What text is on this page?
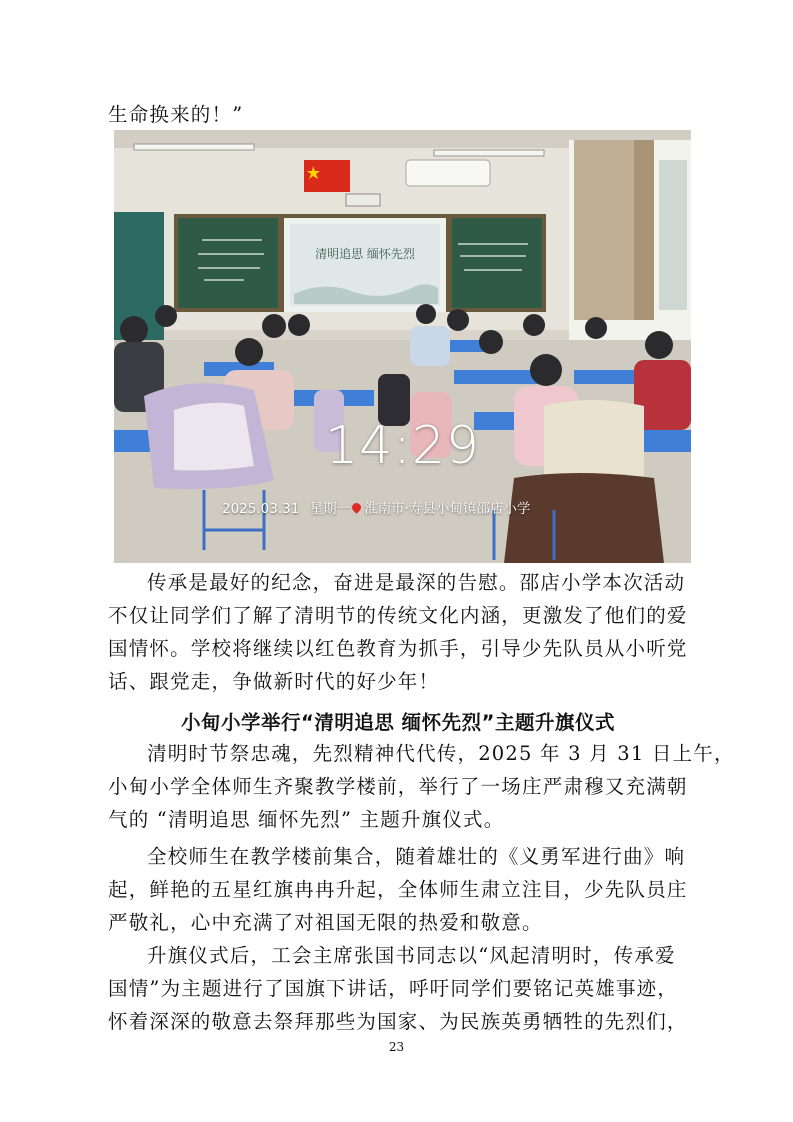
生命换来的！”

清明追思 缅怀先烈
14:29
2025.03.31 星期一 淮南市·寿县小甸镇邵店小学

传承是最好的纪念，奋进是最深的告慰。邵店小学本次活动
不仅让同学们了解了清明节的传统文化内涵，更激发了他们的爱
国情怀。学校将继续以红色教育为抓手，引导少先队员从小听党
话、跟党走，争做新时代的好少年！

小甸小学举行“清明追思 缅怀先烈”主题升旗仪式

清明时节祭忠魂，先烈精神代代传，2025 年 3 月 31 日上午，
小甸小学全体师生齐聚教学楼前，举行了一场庄严肃穆又充满朝
气的 “清明追思 缅怀先烈” 主题升旗仪式。

全校师生在教学楼前集合，随着雄壮的《义勇军进行曲》响
起，鲜艳的五星红旗冉冉升起，全体师生肃立注目，少先队员庄
严敬礼，心中充满了对祖国无限的热爱和敬意。

升旗仪式后，工会主席张国书同志以“风起清明时，传承爱
国情”为主题进行了国旗下讲话，呼吁同学们要铭记英雄事迹，
怀着深深的敬意去祭拜那些为国家、为民族英勇牺牲的先烈们，

23
